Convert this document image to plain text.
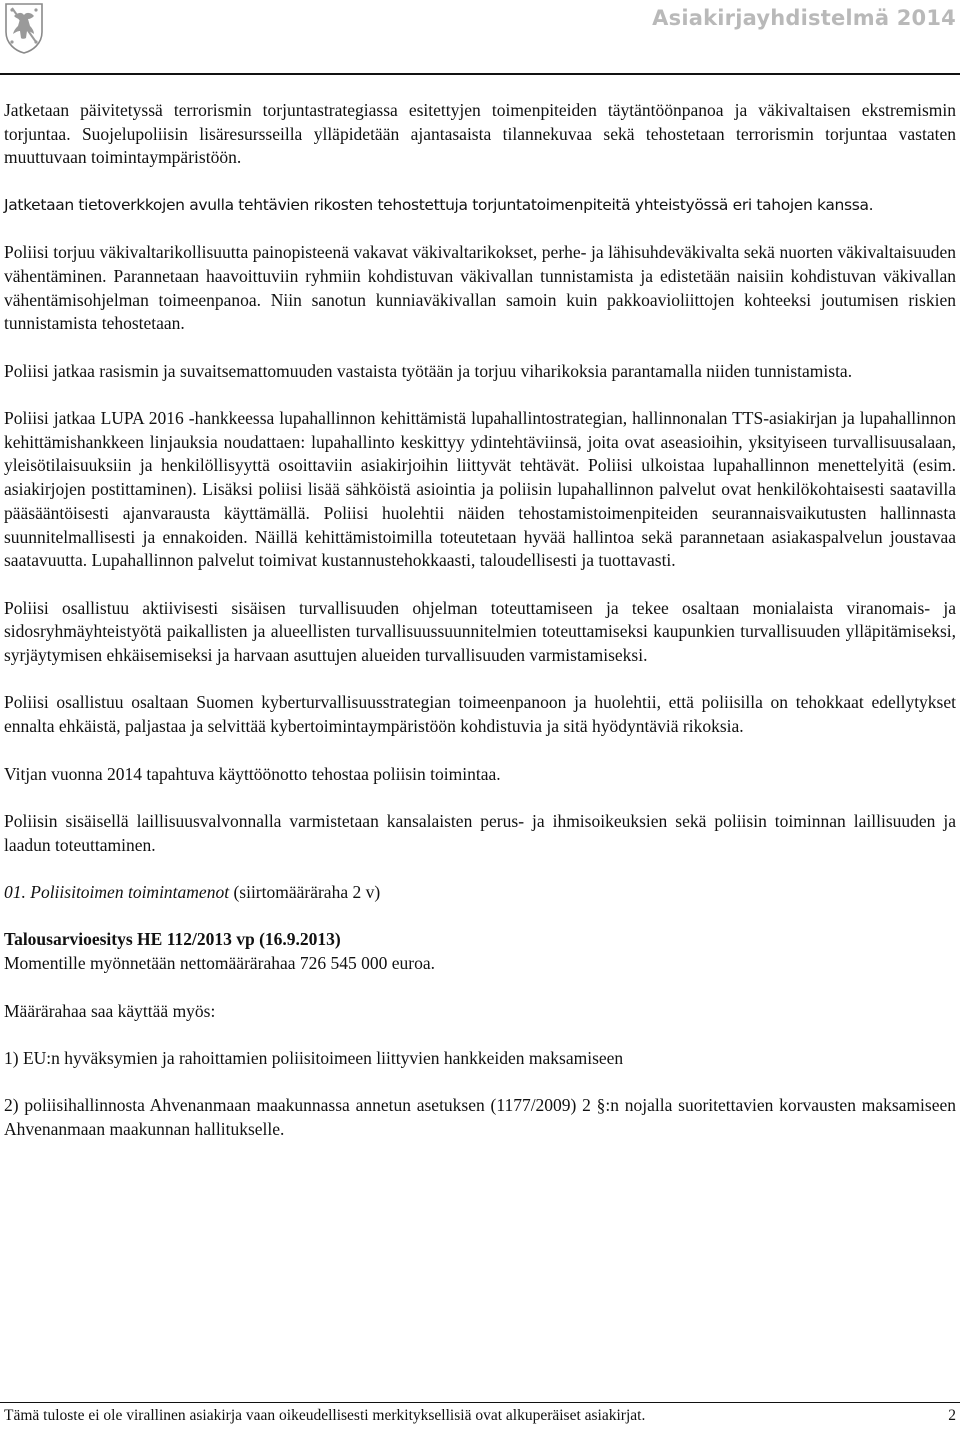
Asiakirjayhdistelmä 2014

Jatketaan päivitetyssä terrorismin torjuntastrategiassa esitettyjen toimenpiteiden täytäntöönpanoa ja väkivaltaisen ekstremismin torjuntaa. Suojelupoliisin lisäresursseilla ylläpidetään ajantasaista tilannekuvaa sekä tehostetaan terrorismin torjuntaa vastaten muuttuvaan toimintaympäristöön.

Jatketaan tietoverkkojen avulla tehtävien rikosten tehostettuja torjuntatoimenpiteitä yhteistyössä eri tahojen kanssa.

Poliisi torjuu väkivaltarikollisuutta painopisteenä vakavat väkivaltarikokset, perhe- ja lähisuhdeväkivalta sekä nuorten väkivaltaisuuden vähentäminen. Parannetaan haavoittuviin ryhmiin kohdistuvan väkivallan tunnistamista ja edistetään naisiin kohdistuvan väkivallan vähentämisohjelman toimeenpanoa. Niin sanotun kunniaväkivallan samoin kuin pakkoavioliittojen kohteeksi joutumisen riskien tunnistamista tehostetaan.

Poliisi jatkaa rasismin ja suvaitsemattomuuden vastaista työtään ja torjuu viharikoksia parantamalla niiden tunnistamista.

Poliisi jatkaa LUPA 2016 -hankkeessa lupahallinnon kehittämistä lupahallintostrategian, hallinnonalan TTS-asiakirjan ja lupahallinnon kehittämishankkeen linjauksia noudattaen: lupahallinto keskittyy ydintehtäviinsä, joita ovat aseasioihin, yksityiseen turvallisuusalaan, yleisötilaisuuksiin ja henkilöllisyyttä osoittaviin asiakirjoihin liittyvät tehtävät. Poliisi ulkoistaa lupahallinnon menettelyitä (esim. asiakirjojen postittaminen). Lisäksi poliisi lisää sähköistä asiointia ja poliisin lupahallinnon palvelut ovat henkilökohtaisesti saatavilla pääsääntöisesti ajanvarausta käyttämällä. Poliisi huolehtii näiden tehostamistoimenpiteiden seurannaisvaikutusten hallinnasta suunnitelmallisesti ja ennakoiden. Näillä kehittämistoimilla toteutetaan hyvää hallintoa sekä parannetaan asiakaspalvelun joustavaa saatavuutta. Lupahallinnon palvelut toimivat kustannustehokkaasti, taloudellisesti ja tuottavasti.

Poliisi osallistuu aktiivisesti sisäisen turvallisuuden ohjelman toteuttamiseen ja tekee osaltaan monialaista viranomais- ja sidosryhmäyhteistyötä paikallisten ja alueellisten turvallisuussuunnitelmien toteuttamiseksi kaupunkien turvallisuuden ylläpitämiseksi, syrjäytymisen ehkäisemiseksi ja harvaan asuttujen alueiden turvallisuuden varmistamiseksi.

Poliisi osallistuu osaltaan Suomen kyberturvallisuusstrategian toimeenpanoon ja huolehtii, että poliisilla on tehokkaat edellytykset ennalta ehkäistä, paljastaa ja selvittää kybertoimintaympäristöön kohdistuvia ja sitä hyödyntäviä rikoksia.

Vitjan vuonna 2014 tapahtuva käyttöönotto tehostaa poliisin toimintaa.

Poliisin sisäisellä laillisuusvalvonnalla varmistetaan kansalaisten perus- ja ihmisoikeuksien sekä poliisin toiminnan laillisuuden ja laadun toteuttaminen.

01. Poliisitoimen toimintamenot (siirtomääräraha 2 v)

Talousarvioesitys HE 112/2013 vp (16.9.2013)

Momentille myönnetään nettomäärärahaa 726 545 000 euroa.

Määrärahaa saa käyttää myös:

1) EU:n hyväksymien ja rahoittamien poliisitoimeen liittyvien hankkeiden maksamiseen

2) poliisihallinnosta Ahvenanmaan maakunnassa annetun asetuksen (1177/2009) 2 §:n nojalla suoritettavien korvausten maksamiseen Ahvenanmaan maakunnan hallitukselle.

Tämä tuloste ei ole virallinen asiakirja vaan oikeudellisesti merkityksellisiä ovat alkuperäiset asiakirjat.	2
